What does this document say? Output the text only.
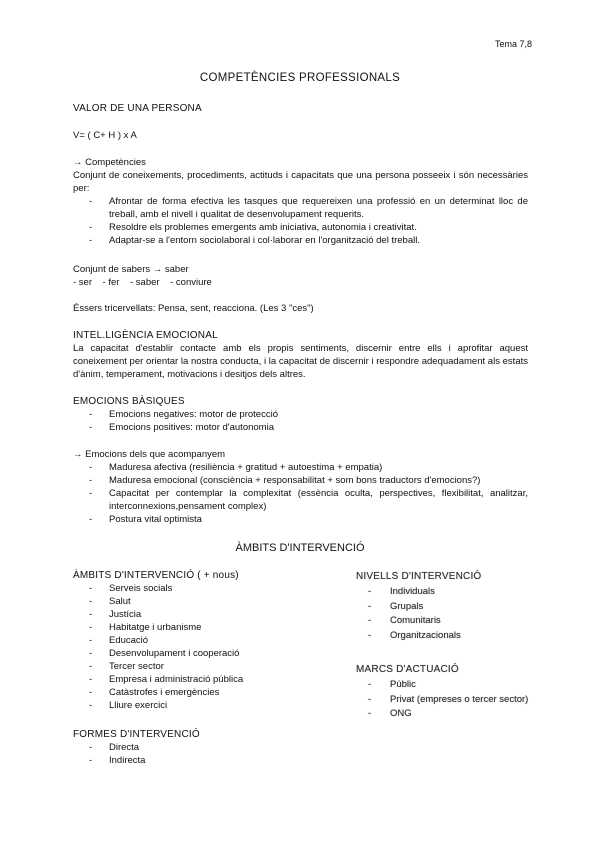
Tema 7,8
COMPETÈNCIES PROFESSIONALS
VALOR DE UNA PERSONA
V= ( C+ H ) x A
→ Competències
Conjunt de coneixements, procediments, actituds i capacitats que una persona posseeix i són necessàries per:
- Afrontar de forma efectiva les tasques que requereixen una professió en un determinat lloc de treball, amb el nivell i qualitat de desenvolupament requerits.
- Resoldre els problemes emergents amb iniciativa, autonomia i creativitat.
- Adaptar-se a l'entorn sociolaboral i col·laborar en l'organització del treball.
Conjunt de sabers → saber
- ser    - fer    - saber    - conviure
Éssers tricervellats: Pensa, sent, reacciona. (Les 3 "ces")
INTEL.LIGÈNCIA EMOCIONAL
La capacitat d'establir contacte amb els propis sentiments, discernir entre ells i aprofitar aquest coneixement per orientar la nostra conducta, i la capacitat de discernir i respondre adequadament als estats d'ànim, temperament, motivacions i desitjos dels altres.
EMOCIONS BÀSIQUES
- Emocions negatives: motor de protecció
- Emocions positives: motor d'autonomia
→ Emocions dels que acompanyem
- Maduresa afectiva (resiliència + gratitud + autoestima + empatia)
- Maduresa emocional (consciència + responsabilitat + som bons traductors d'emocions?)
- Capacitat per contemplar la complexitat (essència oculta, perspectives, flexibilitat, analitzar, interconnexions,pensament complex)
- Postura vital optimista
ÀMBITS D'INTERVENCIÓ
ÀMBITS D'INTERVENCIÓ ( + nous)
- Serveis socials
- Salut
- Justícia
- Habitatge i urbanisme
- Educació
- Desenvolupament i cooperació
- Tercer sector
- Empresa i administració pública
- Catàstrofes i emergències
- Lliure exercici
FORMES D'INTERVENCIÓ
- Directa
- Indirecta
NIVELLS D'INTERVENCIÓ
- Individuals
- Grupals
- Comunitaris
- Organitzacionals
MARCS D'ACTUACIÓ
- Públic
- Privat (empreses o tercer sector)
- ONG
